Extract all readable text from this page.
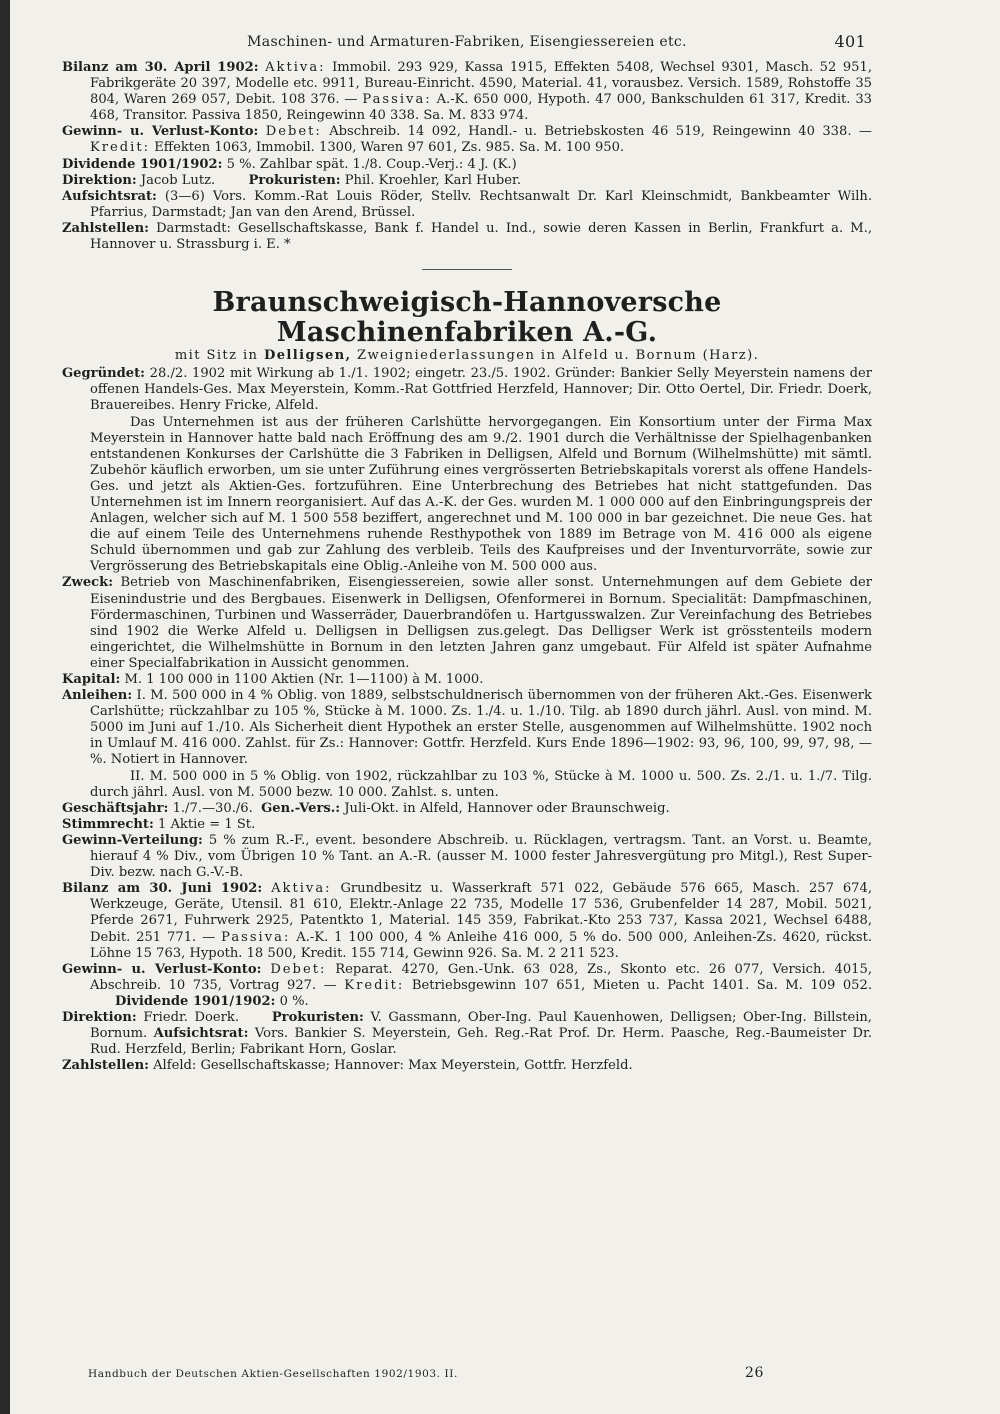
Maschinen- und Armaturen-Fabriken, Eisengiessereien etc.	401

Bilanz am 30. April 1902: Aktiva: Immobil. 293 929, Kassa 1915, Effekten 5408, Wechsel 9301, Masch. 52 951, Fabrikgeräte 20 397, Modelle etc. 9911, Bureau-Einricht. 4590, Material. 41, vorausbez. Versich. 1589, Rohstoffe 35 804, Waren 269 057, Debit. 108 376. — Passiva: A.-K. 650 000, Hypoth. 47 000, Bankschulden 61 317, Kredit. 33 468, Transitor. Passiva 1850, Reingewinn 40 338. Sa. M. 833 974.

Gewinn- u. Verlust-Konto: Debet: Abschreib. 14 092, Handl.- u. Betriebskosten 46 519, Reingewinn 40 338. — Kredit: Effekten 1063, Immobil. 1300, Waren 97 601, Zs. 985. Sa. M. 100 950.

Dividende 1901/1902: 5 %. Zahlbar spät. 1./8. Coup.-Verj.: 4 J. (K.)

Direktion: Jacob Lutz.	Prokuristen: Phil. Kroehler, Karl Huber.

Aufsichtsrat: (3—6) Vors. Komm.-Rat Louis Röder, Stellv. Rechtsanwalt Dr. Karl Kleinschmidt, Bankbeamter Wilh. Pfarrius, Darmstadt; Jan van den Arend, Brüssel.

Zahlstellen: Darmstadt: Gesellschaftskasse, Bank f. Handel u. Ind., sowie deren Kassen in Berlin, Frankfurt a. M., Hannover u. Strassburg i. E. *

Braunschweigisch-Hannoversche Maschinenfabriken A.-G.

mit Sitz in Delligsen, Zweigniederlassungen in Alfeld u. Bornum (Harz).

Gegründet: 28./2. 1902 mit Wirkung ab 1./1. 1902; eingetr. 23./5. 1902. Gründer: Bankier Selly Meyerstein namens der offenen Handels-Ges. Max Meyerstein, Komm.-Rat Gottfried Herzfeld, Hannover; Dir. Otto Oertel, Dir. Friedr. Doerk, Brauereibes. Henry Fricke, Alfeld.

Das Unternehmen ist aus der früheren Carlshütte hervorgegangen. Ein Konsortium unter der Firma Max Meyerstein in Hannover hatte bald nach Eröffnung des am 9./2. 1901 durch die Verhältnisse der Spielhagenbanken entstandenen Konkurses der Carlshütte die 3 Fabriken in Delligsen, Alfeld und Bornum (Wilhelmshütte) mit sämtl. Zubehör käuflich erworben, um sie unter Zuführung eines vergrösserten Betriebskapitals vorerst als offene Handels-Ges. und jetzt als Aktien-Ges. fortzuführen. Eine Unterbrechung des Betriebes hat nicht stattgefunden. Das Unternehmen ist im Innern reorganisiert. Auf das A.-K. der Ges. wurden M. 1 000 000 auf den Einbringungspreis der Anlagen, welcher sich auf M. 1 500 558 beziffert, angerechnet und M. 100 000 in bar gezeichnet. Die neue Ges. hat die auf einem Teile des Unternehmens ruhende Resthypothek von 1889 im Betrage von M. 416 000 als eigene Schuld übernommen und gab zur Zahlung des verbleib. Teils des Kaufpreises und der Inventurvorräte, sowie zur Vergrösserung des Betriebskapitals eine Oblig.-Anleihe von M. 500 000 aus.

Zweck: Betrieb von Maschinenfabriken, Eisengiessereien, sowie aller sonst. Unternehmungen auf dem Gebiete der Eisenindustrie und des Bergbaues. Eisenwerk in Delligsen, Ofenformerei in Bornum. Specialität: Dampfmaschinen, Fördermaschinen, Turbinen und Wasserräder, Dauerbrandöfen u. Hartgusswalzen. Zur Vereinfachung des Betriebes sind 1902 die Werke Alfeld u. Delligsen in Delligsen zus.gelegt. Das Delligser Werk ist grösstenteils modern eingerichtet, die Wilhelmshütte in Bornum in den letzten Jahren ganz umgebaut. Für Alfeld ist später Aufnahme einer Specialfabrikation in Aussicht genommen.

Kapital: M. 1 100 000 in 1100 Aktien (Nr. 1—1100) à M. 1000.

Anleihen: I. M. 500 000 in 4 % Oblig. von 1889, selbstschuldnerisch übernommen von der früheren Akt.-Ges. Eisenwerk Carlshütte; rückzahlbar zu 105 %, Stücke à M. 1000. Zs. 1./4. u. 1./10. Tilg. ab 1890 durch jährl. Ausl. von mind. M. 5000 im Juni auf 1./10. Als Sicherheit dient Hypothek an erster Stelle, ausgenommen auf Wilhelmshütte. 1902 noch in Umlauf M. 416 000. Zahlst. für Zs.: Hannover: Gottfr. Herzfeld. Kurs Ende 1896—1902: 93, 96, 100, 99, 97, 98, — %. Notiert in Hannover.

II. M. 500 000 in 5 % Oblig. von 1902, rückzahlbar zu 103 %, Stücke à M. 1000 u. 500. Zs. 2./1. u. 1./7. Tilg. durch jährl. Ausl. von M. 5000 bezw. 10 000. Zahlst. s. unten.

Geschäftsjahr: 1./7.—30./6. Gen.-Vers.: Juli-Okt. in Alfeld, Hannover oder Braunschweig.

Stimmrecht: 1 Aktie = 1 St.

Gewinn-Verteilung: 5 % zum R.-F., event. besondere Abschreib. u. Rücklagen, vertragsm. Tant. an Vorst. u. Beamte, hierauf 4 % Div., vom Übrigen 10 % Tant. an A.-R. (ausser M. 1000 fester Jahresvergütung pro Mitgl.), Rest Super-Div. bezw. nach G.-V.-B.

Bilanz am 30. Juni 1902: Aktiva: Grundbesitz u. Wasserkraft 571 022, Gebäude 576 665, Masch. 257 674, Werkzeuge, Geräte, Utensil. 81 610, Elektr.-Anlage 22 735, Modelle 17 536, Grubenfelder 14 287, Mobil. 5021, Pferde 2671, Fuhrwerk 2925, Patentkto 1, Material. 145 359, Fabrikat.-Kto 253 737, Kassa 2021, Wechsel 6488, Debit. 251 771. — Passiva: A.-K. 1 100 000, 4 % Anleihe 416 000, 5 % do. 500 000, Anleihen-Zs. 4620, rückst. Löhne 15 763, Hypoth. 18 500, Kredit. 155 714, Gewinn 926. Sa. M. 2 211 523.

Gewinn- u. Verlust-Konto: Debet: Reparat. 4270, Gen.-Unk. 63 028, Zs., Skonto etc. 26 077, Versich. 4015, Abschreib. 10 735, Vortrag 927. — Kredit: Betriebsgewinn 107 651, Mieten u. Pacht 1401. Sa. M. 109 052.       Dividende 1901/1902: 0 %.

Direktion: Friedr. Doerk.	Prokuristen: V. Gassmann, Ober-Ing. Paul Kauenhowen, Delligsen; Ober-Ing. Billstein, Bornum. Aufsichtsrat: Vors. Bankier S. Meyerstein, Geh. Reg.-Rat Prof. Dr. Herm. Paasche, Reg.-Baumeister Dr. Rud. Herzfeld, Berlin; Fabrikant Horn, Goslar.

Zahlstellen: Alfeld: Gesellschaftskasse; Hannover: Max Meyerstein, Gottfr. Herzfeld.

Handbuch der Deutschen Aktien-Gesellschaften 1902/1903. II.	26
